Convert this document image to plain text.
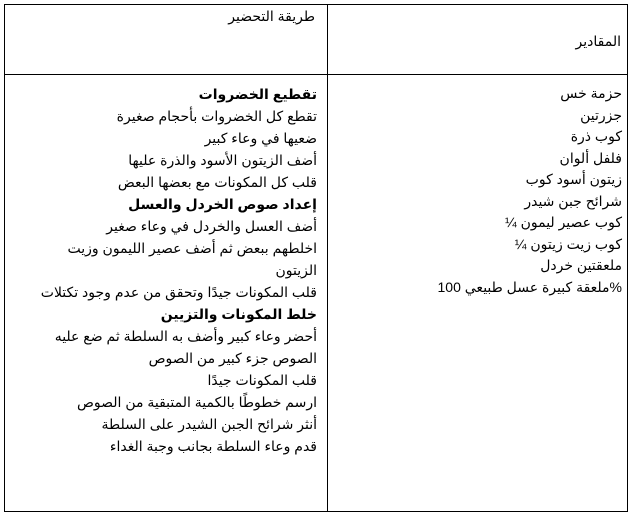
طريقة التحضير
المقادير
تقطيع الخضروات
تقطع كل الخضروات بأحجام صغيرة
ضعيها في وعاء كبير
أضف الزيتون الأسود والذرة عليها
قلب كل المكونات مع بعضها البعض
إعداد صوص الخردل والعسل
أضف العسل والخردل في وعاء صغير
اخلطهم ببعض ثم أضف عصير الليمون وزيت
الزيتون
قلب المكونات جيدًا وتحقق من عدم وجود تكتلات
خلط المكونات والتزيين
أحضر وعاء كبير وأضف به السلطة ثم ضع عليه
الصوص جزء كبير من الصوص
قلب المكونات جيدًا
ارسم خطوطًا بالكمية المتبقية من الصوص
أنثر شرائح الجبن الشيدر على السلطة
قدم وعاء السلطة بجانب وجبة الغداء
حزمة خس
جزرتين
كوب ذرة
فلفل ألوان
زيتون أسود كوب
شرائح جبن شيدر
كوب عصير ليمون ¼
كوب زيت زيتون ¼
ملعقتين خردل
%ملعقة كبيرة عسل طبيعي 100
